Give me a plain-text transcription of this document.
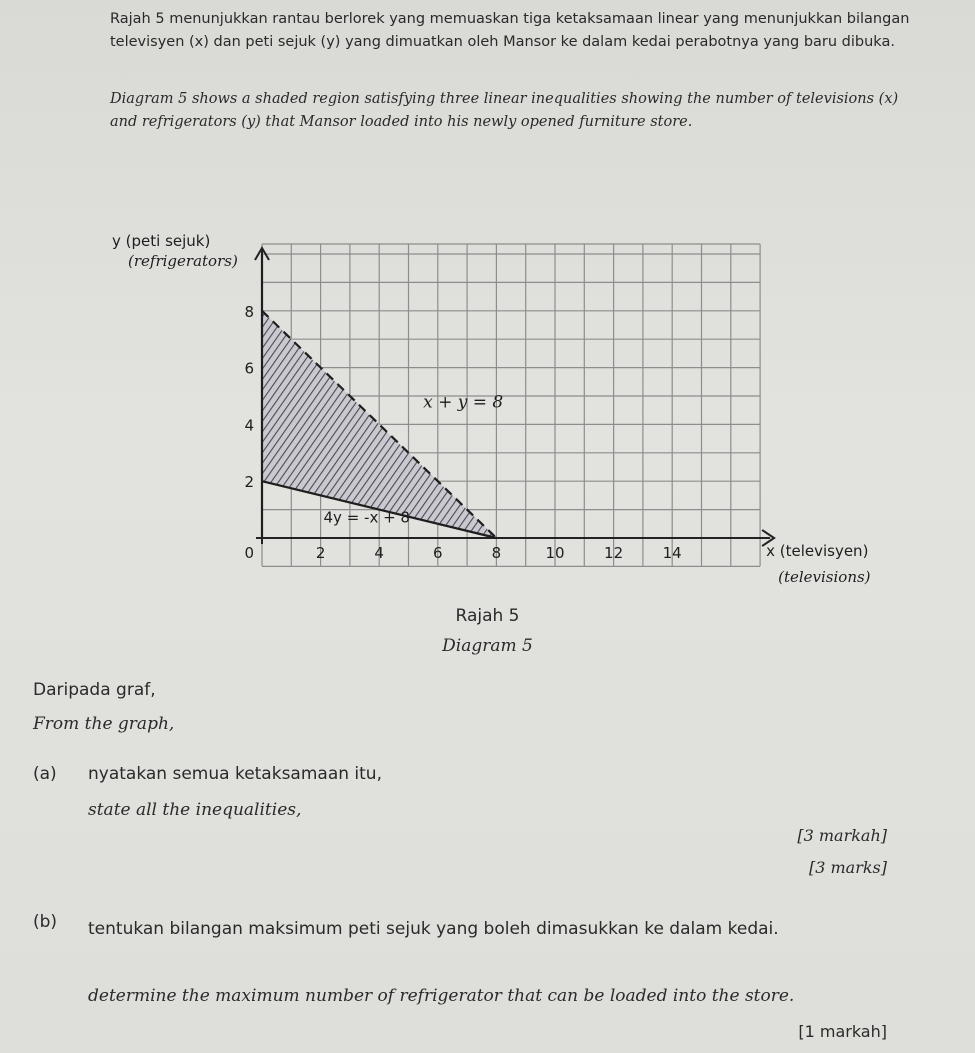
Rajah 5 menunjukkan rantau berlorek yang memuaskan tiga ketaksamaan linear yang menunjukkan bilangan televisyen (x) dan peti sejuk (y) yang dimuatkan oleh Mansor ke dalam kedai perabotnya yang baru dibuka.
Diagram 5 shows a shaded region satisfying three linear inequalities showing the number of televisions (x) and refrigerators (y) that Mansor loaded into his newly opened furniture store.
x + y = 8
4y = -x + 8
0	2	4	6	8	10	12	14
2
4
6
8
y (peti sejuk)
(refrigerators)
x (televisyen)
(televisions)
Rajah 5
Diagram 5
Daripada graf,
From the graph,
(a) nyatakan semua ketaksamaan itu,
state all the inequalities,
[3 markah]
[3 marks]
(b) tentukan bilangan maksimum peti sejuk yang boleh dimasukkan ke dalam kedai.
determine the maximum number of refrigerator that can be loaded into the store.
[1 markah]
